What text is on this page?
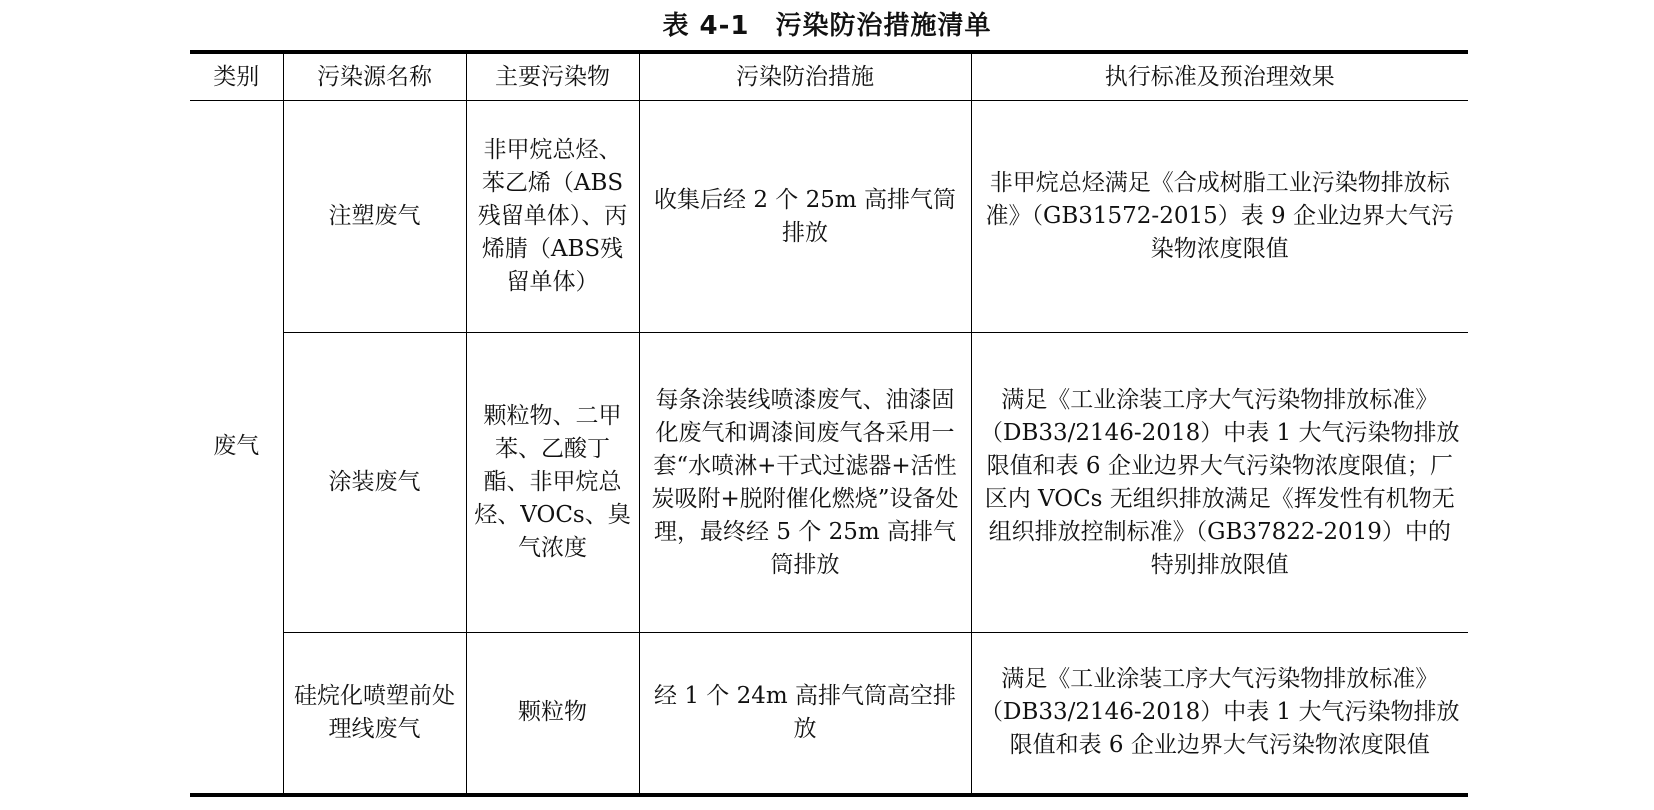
表 4-1 污染防治措施清单
类别	污染源名称	主要污染物	污染防治措施	执行标准及预治理效果
废气	注塑废气	非甲烷总烃、苯乙烯（ABS残留单体）、丙烯腈（ABS残留单体）	收集后经 2 个 25m 高排气筒排放	非甲烷总烃满足《合成树脂工业污染物排放标准》（GB31572-2015）表 9 企业边界大气污染物浓度限值
	涂装废气	颗粒物、二甲苯、乙酸丁酯、非甲烷总烃、VOCs、臭气浓度	每条涂装线喷漆废气、油漆固化废气和调漆间废气各采用一套“水喷淋+干式过滤器+活性炭吸附+脱附催化燃烧”设备处理，最终经 5 个 25m 高排气筒排放	满足《工业涂装工序大气污染物排放标准》（DB33/2146-2018）中表 1 大气污染物排放限值和表 6 企业边界大气污染物浓度限值；厂区内 VOCs 无组织排放满足《挥发性有机物无组织排放控制标准》（GB37822-2019）中的特别排放限值
	硅烷化喷塑前处理线废气	颗粒物	经 1 个 24m 高排气筒高空排放	满足《工业涂装工序大气污染物排放标准》（DB33/2146-2018）中表 1 大气污染物排放限值和表 6 企业边界大气污染物浓度限值
